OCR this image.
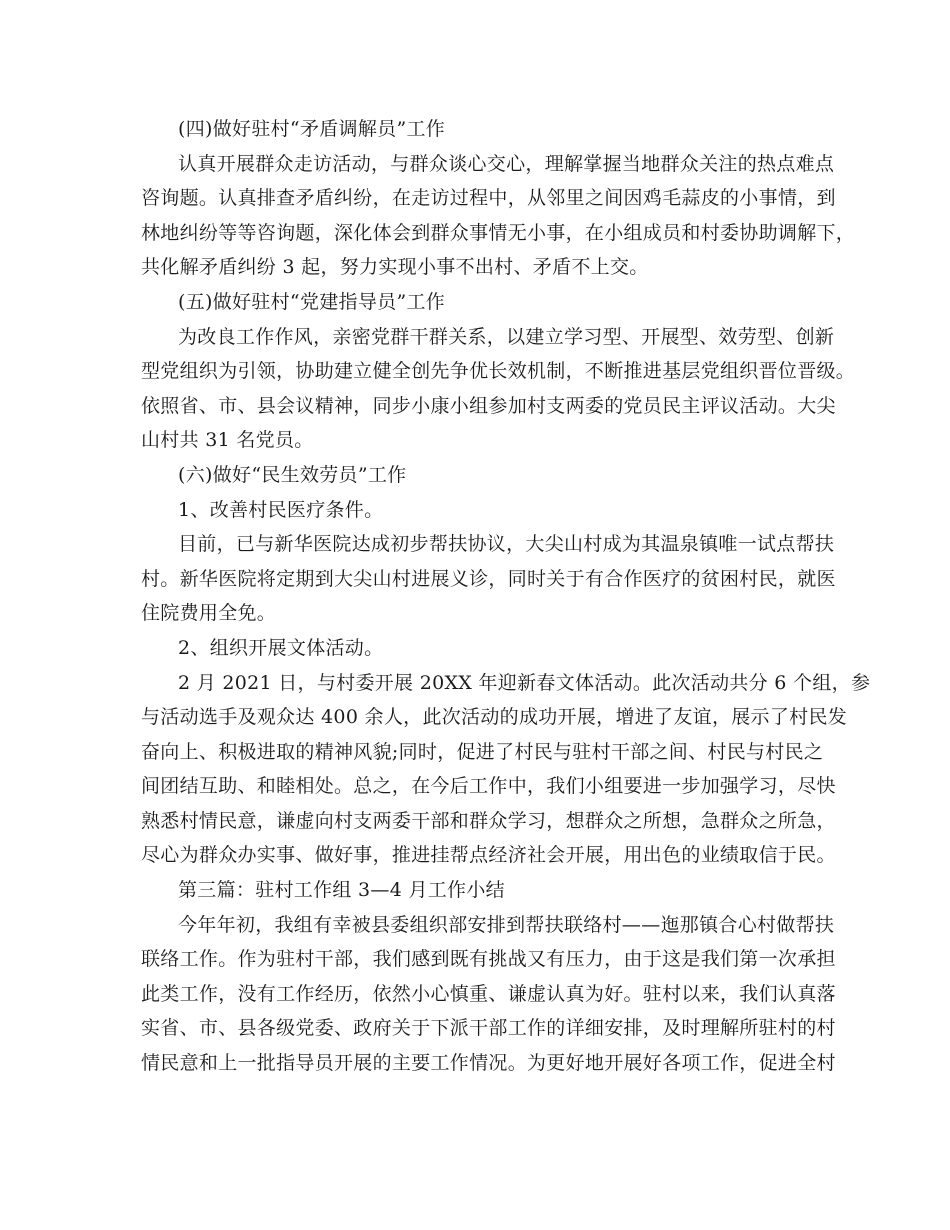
(四)做好驻村“矛盾调解员”工作
认真开展群众走访活动，与群众谈心交心，理解掌握当地群众关注的热点难点
咨询题。认真排查矛盾纠纷，在走访过程中，从邻里之间因鸡毛蒜皮的小事情，到
林地纠纷等等咨询题，深化体会到群众事情无小事，在小组成员和村委协助调解下，
共化解矛盾纠纷 3 起，努力实现小事不出村、矛盾不上交。
(五)做好驻村“党建指导员”工作
为改良工作作风，亲密党群干群关系，以建立学习型、开展型、效劳型、创新
型党组织为引领，协助建立健全创先争优长效机制，不断推进基层党组织晋位晋级。
依照省、市、县会议精神，同步小康小组参加村支两委的党员民主评议活动。大尖
山村共 31 名党员。
(六)做好“民生效劳员”工作
1、改善村民医疗条件。
目前，已与新华医院达成初步帮扶协议，大尖山村成为其温泉镇唯一试点帮扶
村。新华医院将定期到大尖山村进展义诊，同时关于有合作医疗的贫困村民，就医
住院费用全免。
2、组织开展文体活动。
2 月 2021 日，与村委开展 20XX 年迎新春文体活动。此次活动共分 6 个组，参
与活动选手及观众达 400 余人，此次活动的成功开展，增进了友谊，展示了村民发
奋向上、积极进取的精神风貌;同时，促进了村民与驻村干部之间、村民与村民之
间团结互助、和睦相处。总之，在今后工作中，我们小组要进一步加强学习，尽快
熟悉村情民意，谦虚向村支两委干部和群众学习，想群众之所想，急群众之所急，
尽心为群众办实事、做好事，推进挂帮点经济社会开展，用出色的业绩取信于民。
第三篇：驻村工作组 3—4 月工作小结
今年年初，我组有幸被县委组织部安排到帮扶联络村——迤那镇合心村做帮扶
联络工作。作为驻村干部，我们感到既有挑战又有压力，由于这是我们第一次承担
此类工作，没有工作经历，依然小心慎重、谦虚认真为好。驻村以来，我们认真落
实省、市、县各级党委、政府关于下派干部工作的详细安排，及时理解所驻村的村
情民意和上一批指导员开展的主要工作情况。为更好地开展好各项工作，促进全村
